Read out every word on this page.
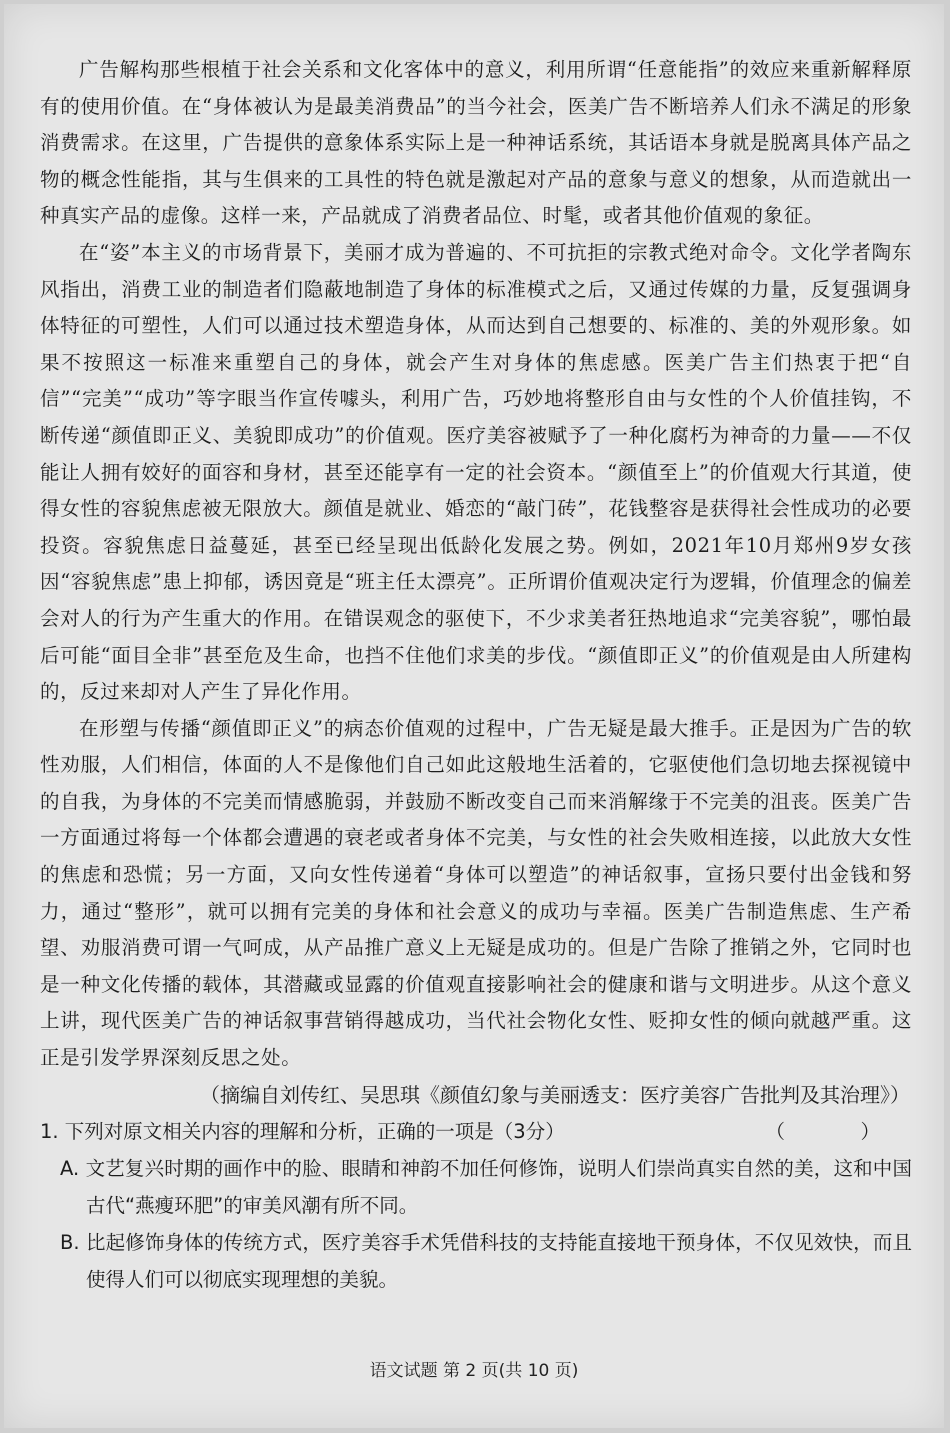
广告解构那些根植于社会关系和文化客体中的意义，利用所谓“任意能指”的效应来重新解释原有的使用价值。在“身体被认为是最美消费品”的当今社会，医美广告不断培养人们永不满足的形象消费需求。在这里，广告提供的意象体系实际上是一种神话系统，其话语本身就是脱离具体产品之物的概念性能指，其与生俱来的工具性的特色就是激起对产品的意象与意义的想象，从而造就出一种真实产品的虚像。这样一来，产品就成了消费者品位、时髦，或者其他价值观的象征。

在“姿”本主义的市场背景下，美丽才成为普遍的、不可抗拒的宗教式绝对命令。文化学者陶东风指出，消费工业的制造者们隐蔽地制造了身体的标准模式之后，又通过传媒的力量，反复强调身体特征的可塑性，人们可以通过技术塑造身体，从而达到自己想要的、标准的、美的外观形象。如果不按照这一标准来重塑自己的身体，就会产生对身体的焦虑感。医美广告主们热衷于把“自信”“完美”“成功”等字眼当作宣传噱头，利用广告，巧妙地将整形自由与女性的个人价值挂钩，不断传递“颜值即正义、美貌即成功”的价值观。医疗美容被赋予了一种化腐朽为神奇的力量——不仅能让人拥有姣好的面容和身材，甚至还能享有一定的社会资本。“颜值至上”的价值观大行其道，使得女性的容貌焦虑被无限放大。颜值是就业、婚恋的“敲门砖”，花钱整容是获得社会性成功的必要投资。容貌焦虑日益蔓延，甚至已经呈现出低龄化发展之势。例如，2021年10月郑州9岁女孩因“容貌焦虑”患上抑郁，诱因竟是“班主任太漂亮”。正所谓价值观决定行为逻辑，价值理念的偏差会对人的行为产生重大的作用。在错误观念的驱使下，不少求美者狂热地追求“完美容貌”，哪怕最后可能“面目全非”甚至危及生命，也挡不住他们求美的步伐。“颜值即正义”的价值观是由人所建构的，反过来却对人产生了异化作用。

在形塑与传播“颜值即正义”的病态价值观的过程中，广告无疑是最大推手。正是因为广告的软性劝服，人们相信，体面的人不是像他们自己如此这般地生活着的，它驱使他们急切地去探视镜中的自我，为身体的不完美而情感脆弱，并鼓励不断改变自己而来消解缘于不完美的沮丧。医美广告一方面通过将每一个体都会遭遇的衰老或者身体不完美，与女性的社会失败相连接，以此放大女性的焦虑和恐慌；另一方面，又向女性传递着“身体可以塑造”的神话叙事，宣扬只要付出金钱和努力，通过“整形”，就可以拥有完美的身体和社会意义的成功与幸福。医美广告制造焦虑、生产希望、劝服消费可谓一气呵成，从产品推广意义上无疑是成功的。但是广告除了推销之外，它同时也是一种文化传播的载体，其潜藏或显露的价值观直接影响社会的健康和谐与文明进步。从这个意义上讲，现代医美广告的神话叙事营销得越成功，当代社会物化女性、贬抑女性的倾向就越严重。这正是引发学界深刻反思之处。

（摘编自刘传红、吴思琪《颜值幻象与美丽透支：医疗美容广告批判及其治理》）

1. 下列对原文相关内容的理解和分析，正确的一项是（3分）	（　）

A. 文艺复兴时期的画作中的脸、眼睛和神韵不加任何修饰，说明人们崇尚真实自然的美，这和中国古代“燕瘦环肥”的审美风潮有所不同。

B. 比起修饰身体的传统方式，医疗美容手术凭借科技的支持能直接地干预身体，不仅见效快，而且使得人们可以彻底实现理想的美貌。

语文试题 第 2 页(共 10 页)
